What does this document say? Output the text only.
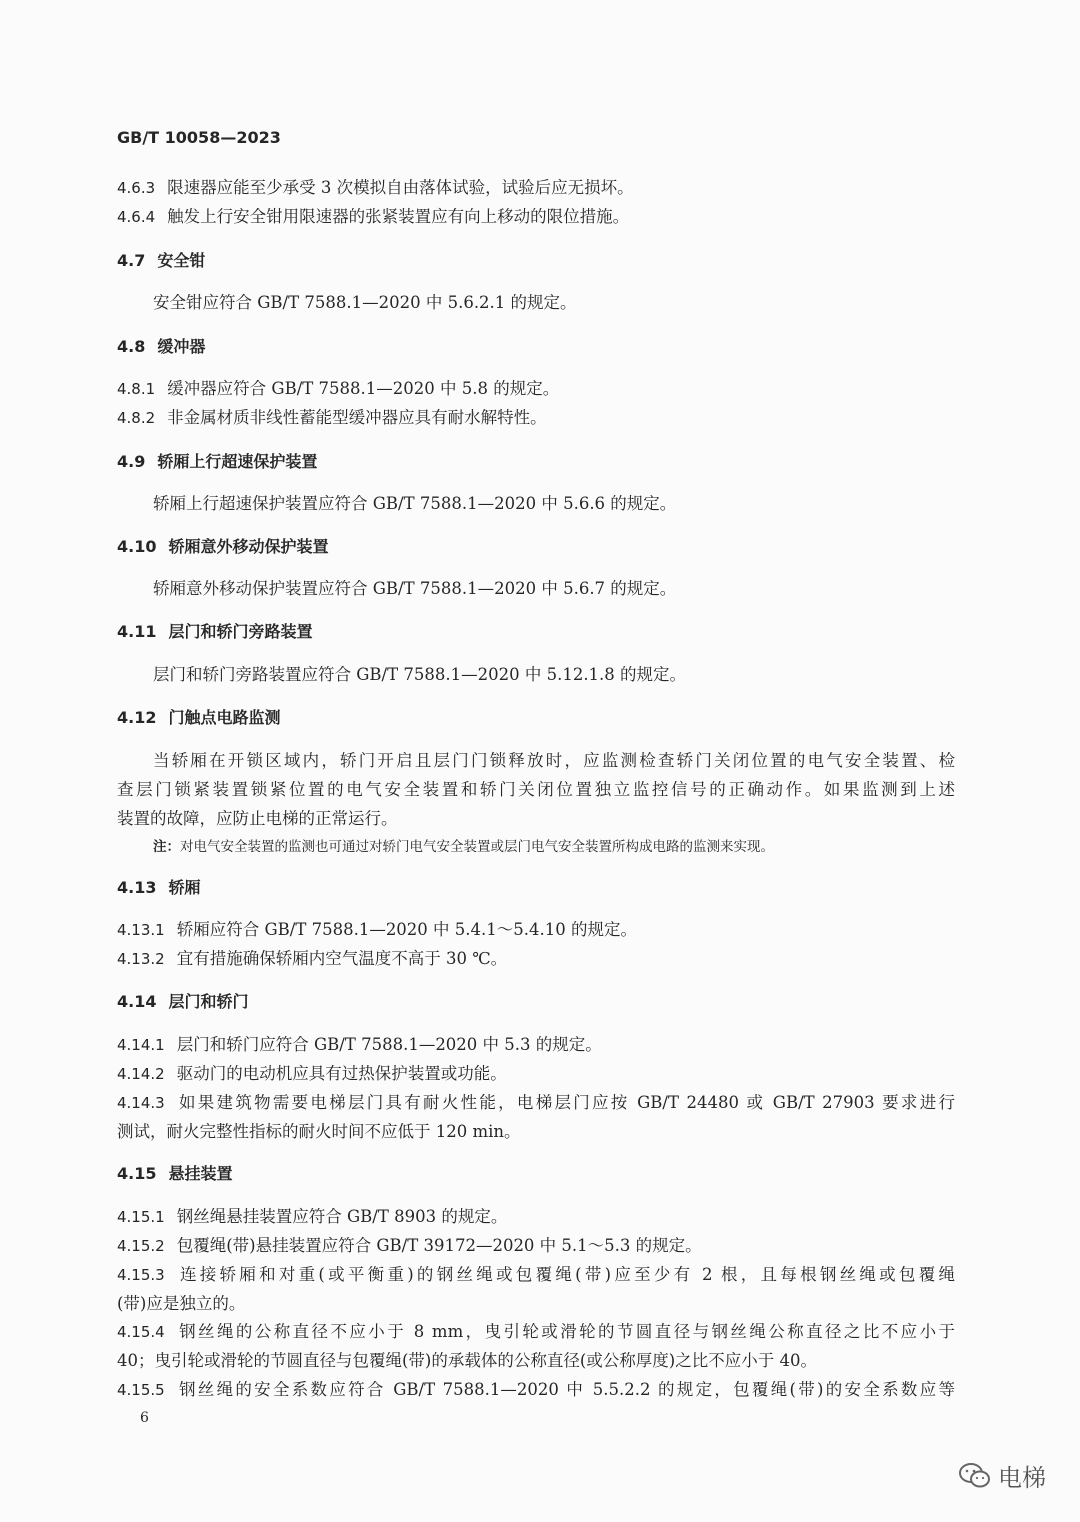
GB/T 10058—2023
4.6.3 限速器应能至少承受 3 次模拟自由落体试验，试验后应无损坏。
4.6.4 触发上行安全钳用限速器的张紧装置应有向上移动的限位措施。
4.7 安全钳
安全钳应符合 GB/T 7588.1—2020 中 5.6.2.1 的规定。
4.8 缓冲器
4.8.1 缓冲器应符合 GB/T 7588.1—2020 中 5.8 的规定。
4.8.2 非金属材质非线性蓄能型缓冲器应具有耐水解特性。
4.9 轿厢上行超速保护装置
轿厢上行超速保护装置应符合 GB/T 7588.1—2020 中 5.6.6 的规定。
4.10 轿厢意外移动保护装置
轿厢意外移动保护装置应符合 GB/T 7588.1—2020 中 5.6.7 的规定。
4.11 层门和轿门旁路装置
层门和轿门旁路装置应符合 GB/T 7588.1—2020 中 5.12.1.8 的规定。
4.12 门触点电路监测
当轿厢在开锁区域内，轿门开启且层门门锁释放时，应监测检查轿门关闭位置的电气安全装置、检
查层门锁紧装置锁紧位置的电气安全装置和轿门关闭位置独立监控信号的正确动作。如果监测到上述
装置的故障，应防止电梯的正常运行。
注：对电气安全装置的监测也可通过对轿门电气安全装置或层门电气安全装置所构成电路的监测来实现。
4.13 轿厢
4.13.1 轿厢应符合 GB/T 7588.1—2020 中 5.4.1～5.4.10 的规定。
4.13.2 宜有措施确保轿厢内空气温度不高于 30 ℃。
4.14 层门和轿门
4.14.1 层门和轿门应符合 GB/T 7588.1—2020 中 5.3 的规定。
4.14.2 驱动门的电动机应具有过热保护装置或功能。
4.14.3 如果建筑物需要电梯层门具有耐火性能，电梯层门应按 GB/T 24480 或 GB/T 27903 要求进行
测试，耐火完整性指标的耐火时间不应低于 120 min。
4.15 悬挂装置
4.15.1 钢丝绳悬挂装置应符合 GB/T 8903 的规定。
4.15.2 包覆绳(带)悬挂装置应符合 GB/T 39172—2020 中 5.1～5.3 的规定。
4.15.3 连接轿厢和对重(或平衡重)的钢丝绳或包覆绳(带)应至少有 2 根，且每根钢丝绳或包覆绳
(带)应是独立的。
4.15.4 钢丝绳的公称直径不应小于 8 mm，曳引轮或滑轮的节圆直径与钢丝绳公称直径之比不应小于
40；曳引轮或滑轮的节圆直径与包覆绳(带)的承载体的公称直径(或公称厚度)之比不应小于 40。
4.15.5 钢丝绳的安全系数应符合 GB/T 7588.1—2020 中 5.5.2.2 的规定，包覆绳(带)的安全系数应等
6
电梯
